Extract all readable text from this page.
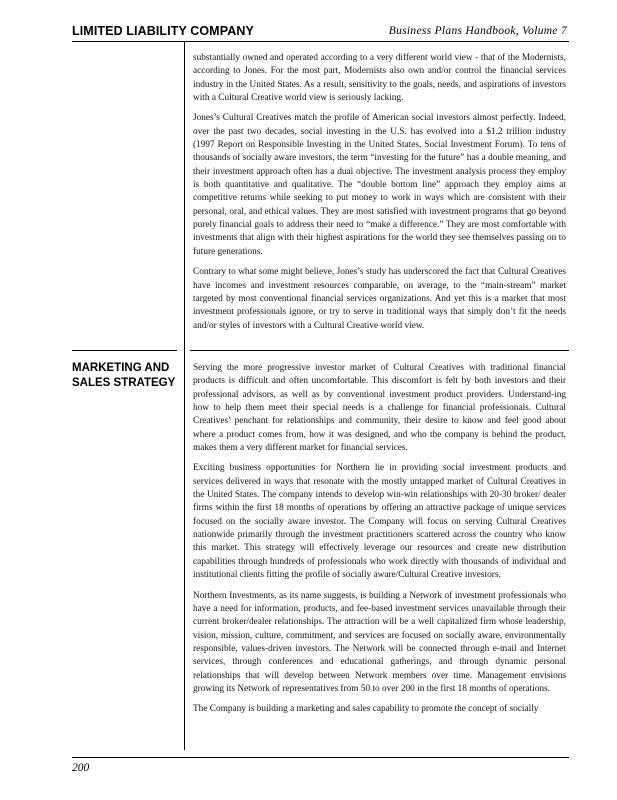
LIMITED LIABILITY COMPANY	Business Plans Handbook, Volume 7

substantially owned and operated according to a very different world view - that of the Modernists, according to Jones. For the most part, Modernists also own and/or control the financial services industry in the United States. As a result, sensitivity to the goals, needs, and aspirations of investors with a Cultural Creative world view is seriously lacking.

Jones’s Cultural Creatives match the profile of American social investors almost perfectly. Indeed, over the past two decades, social investing in the U.S. has evolved into a $1.2 trillion industry (1997 Report on Responsible Investing in the United States, Social Investment Forum). To tens of thousands of socially aware investors, the term “investing for the future” has a double meaning, and their investment approach often has a dual objective. The investment analysis process they employ is both quantitative and qualitative. The “double bottom line” approach they employ aims at competitive returns while seeking to put money to work in ways which are consistent with their personal, oral, and ethical values. They are most satisfied with investment programs that go beyond purely financial goals to address their need to “make a difference.” They are most comfortable with investments that align with their highest aspirations for the world they see themselves passing on to future generations.

Contrary to what some might believe, Jones’s study has underscored the fact that Cultural Creatives have incomes and investment resources comparable, on average, to the “main-stream” market targeted by most conventional financial services organizations. And yet this is a market that most investment professionals ignore, or try to serve in traditional ways that simply don’t fit the needs and/or styles of investors with a Cultural Creative world view.

MARKETING AND
SALES STRATEGY

Serving the more progressive investor market of Cultural Creatives with traditional financial products is difficult and often uncomfortable. This discomfort is felt by both investors and their professional advisors, as well as by conventional investment product providers. Understand-ing how to help them meet their special needs is a challenge for financial professionals. Cultural Creatives’ penchant for relationships and community, their desire to know and feel good about where a product comes from, how it was designed, and who the company is behind the product, makes them a very different market for financial services.

Exciting business opportunities for Northern lie in providing social investment products and services delivered in ways that resonate with the mostly untapped market of Cultural Creatives in the United States. The company intends to develop win-win relationships with 20-30 broker/ dealer firms within the first 18 months of operations by offering an attractive package of unique services focused on the socially aware investor. The Company will focus on serving Cultural Creatives nationwide primarily through the investment practitioners scattered across the country who know this market. This strategy will effectively leverage our resources and create new distribution capabilities through hundreds of professionals who work directly with thousands of individual and institutional clients fitting the profile of socially aware/Cultural Creative investors.

Northern Investments, as its name suggests, is building a Network of investment professionals who have a need for information, products, and fee-based investment services unavailable through their current broker/dealer relationships. The attraction will be a well capitalized firm whose leadership, vision, mission, culture, commitment, and services are focused on socially aware, environmentally responsible, values-driven investors. The Network will be connected through e-mail and Internet services, through conferences and educational gatherings, and through dynamic personal relationships that will develop between Network members over time. Management envisions growing its Network of representatives from 50 to over 200 in the first 18 months of operations.

The Company is building a marketing and sales capability to promote the concept of socially

200
